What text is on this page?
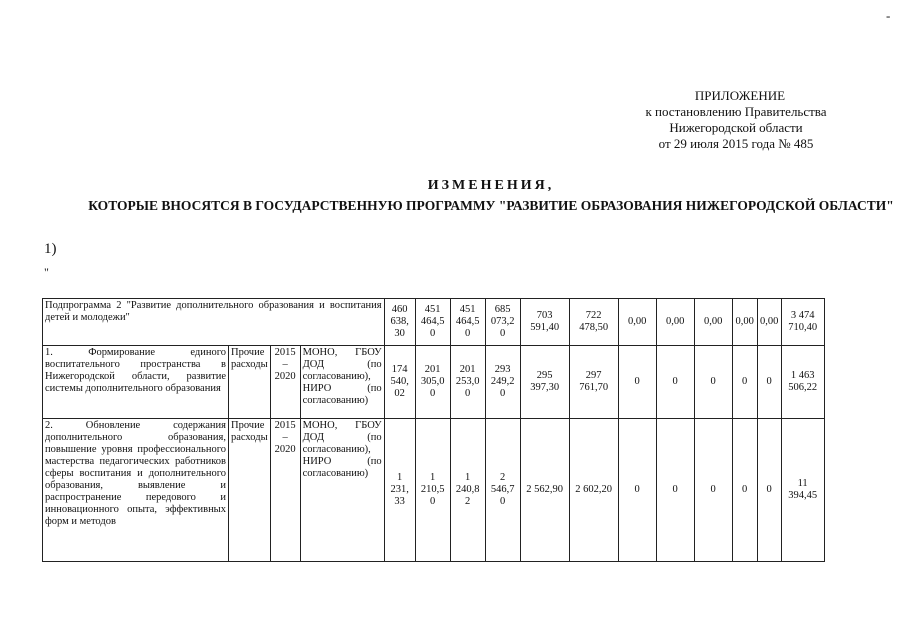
-
ПРИЛОЖЕНИЕ
к постановлению Правительства
Нижегородской области
от 29 июля 2015 года № 485
ИЗМЕНЕНИЯ,
КОТОРЫЕ ВНОСЯТСЯ В ГОСУДАРСТВЕННУЮ ПРОГРАММУ "РАЗВИТИЕ ОБРАЗОВАНИЯ НИЖЕГОРОДСКОЙ ОБЛАСТИ"
1)
"
Подпрограмма 2 "Развитие дополнительного образования и воспитания детей и молодежи"				460 638, 30	451 464,5 0	451 464,5 0	685 073,2 0	703 591,40	722 478,50	0,00	0,00	0,00	0,00	0,00	3 474 710,40
1. Формирование единого воспитательного пространства в Нижегородской области, развитие системы дополнительного образования	Прочие расходы	2015 – 2020	МОНО, ГБОУ ДОД (по согласованию), НИРО (по согласованию)	174 540, 02	201 305,0 0	201 253,0 0	293 249,2 0	295 397,30	297 761,70	0	0	0	0	0	1 463 506,22
2. Обновление содержания дополнительного образования, повышение уровня профессионального мастерства педагогических работников сферы воспитания и дополнительного образования, выявление и распространение передового и инновационного опыта, эффективных форм и методов	Прочие расходы	2015 – 2020	МОНО, ГБОУ ДОД (по согласованию), НИРО (по согласованию)	1 231, 33	1 210,5 0	1 240,8 2	2 546,7 0	2 562,90	2 602,20	0	0	0	0	0	11 394,45
